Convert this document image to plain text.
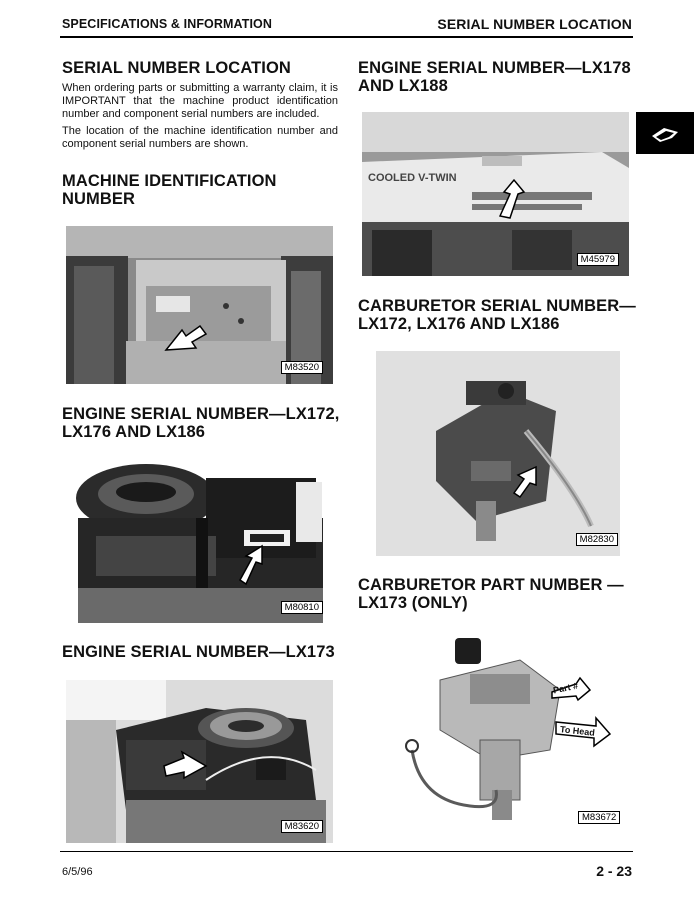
SPECIFICATIONS & INFORMATION	SERIAL NUMBER LOCATION
SERIAL NUMBER LOCATION

When ordering parts or submitting a warranty claim, it is IMPORTANT that the machine product identification number and component serial numbers are included.

The location of the machine identification number and component serial numbers are shown.

MACHINE IDENTIFICATION
NUMBER
M83520
ENGINE SERIAL NUMBER—LX172,
LX176 AND LX186
M80810
ENGINE SERIAL NUMBER—LX173
M83620
ENGINE SERIAL NUMBER—LX178
AND LX188
COOLED V-TWIN
M45979
CARBURETOR SERIAL NUMBER—
LX172, LX176 AND LX186
M82830
CARBURETOR PART NUMBER —
LX173 (ONLY)
Part #
To Head
M83672
6/5/96	2 - 23
